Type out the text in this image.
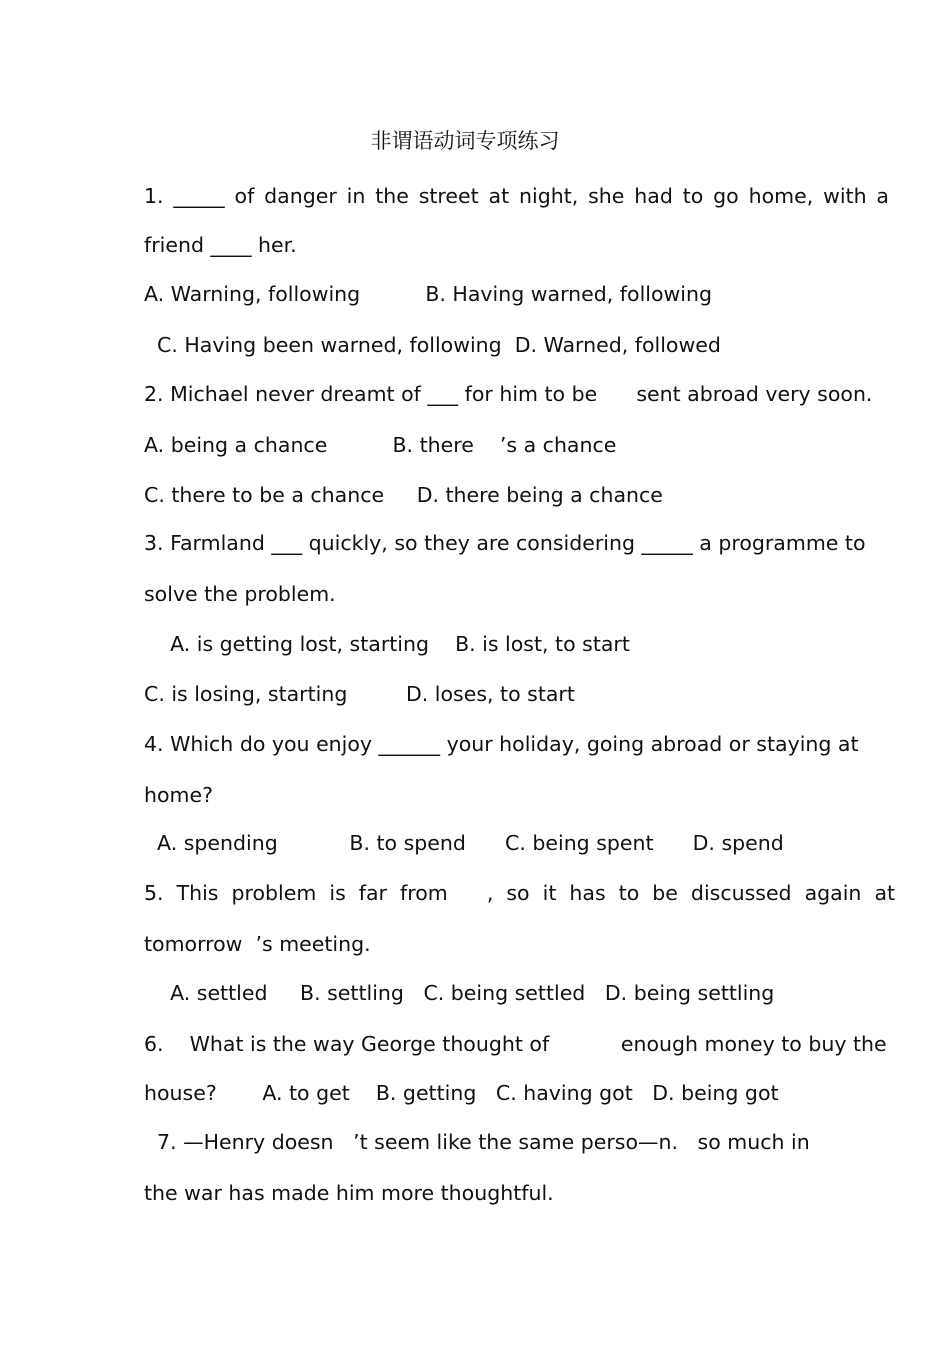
非谓语动词专项练习
1. _____ of danger in the street at night, she had to go home, with a
friend ____ her.
A. Warning, following          B. Having warned, following
C. Having been warned, following  D. Warned, followed
2. Michael never dreamt of ___ for him to be      sent abroad very soon.
A. being a chance          B. there    ’s a chance
C. there to be a chance     D. there being a chance
3. Farmland ___ quickly, so they are considering _____ a programme to
solve the problem.
A. is getting lost, starting    B. is lost, to start
C. is losing, starting         D. loses, to start
4. Which do you enjoy ______ your holiday, going abroad or staying at
home?
A. spending           B. to spend      C. being spent      D. spend
5.  This  problem  is  far  from      ,  so  it  has  to  be  discussed  again  at
tomorrow  ’s meeting.
A. settled     B. settling   C. being settled   D. being settling
6.    What is the way George thought of           enough money to buy the
house?       A. to get    B. getting   C. having got   D. being got
7. —Henry doesn   ’t seem like the same perso—n.   so much in
the war has made him more thoughtful.
